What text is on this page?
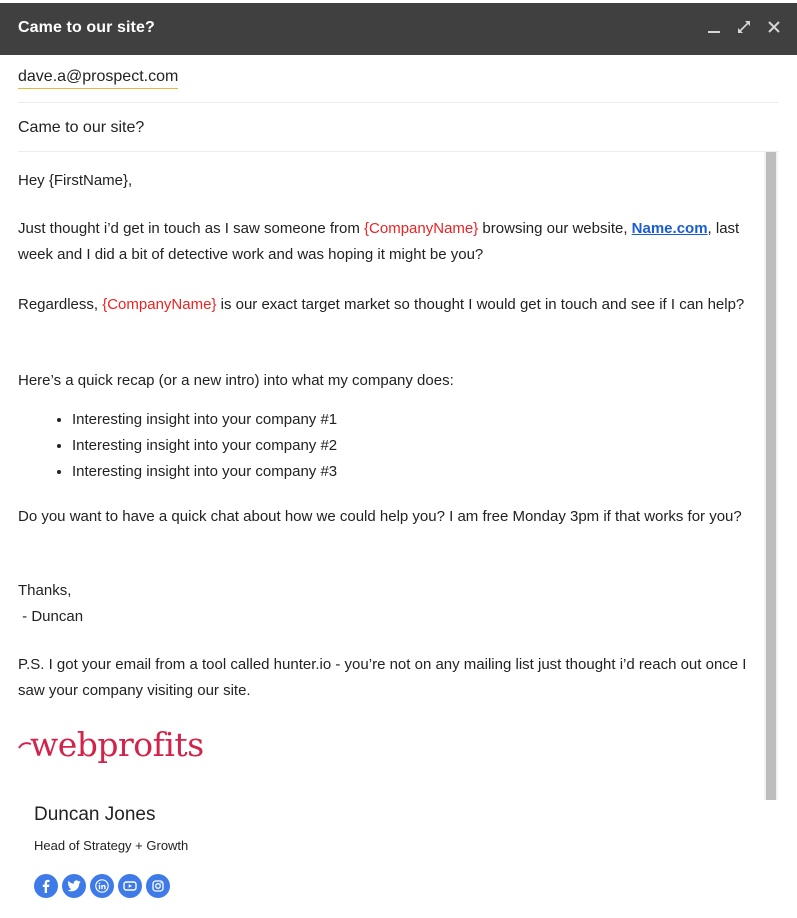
Came to our site?
dave.a@prospect.com
Came to our site?

Hey {FirstName},

Just thought i’d get in touch as I saw someone from {CompanyName} browsing our website, Name.com, last week and I did a bit of detective work and was hoping it might be you?

Regardless, {CompanyName} is our exact target market so thought I would get in touch and see if I can help?

Here’s a quick recap (or a new intro) into what my company does:

• Interesting insight into your company #1
• Interesting insight into your company #2
• Interesting insight into your company #3

Do you want to have a quick chat about how we could help you? I am free Monday 3pm if that works for you?

Thanks,
- Duncan

P.S. I got your email from a tool called hunter.io - you’re not on any mailing list just thought i’d reach out once I saw your company visiting our site.

webprofits
Duncan Jones
Head of Strategy + Growth
